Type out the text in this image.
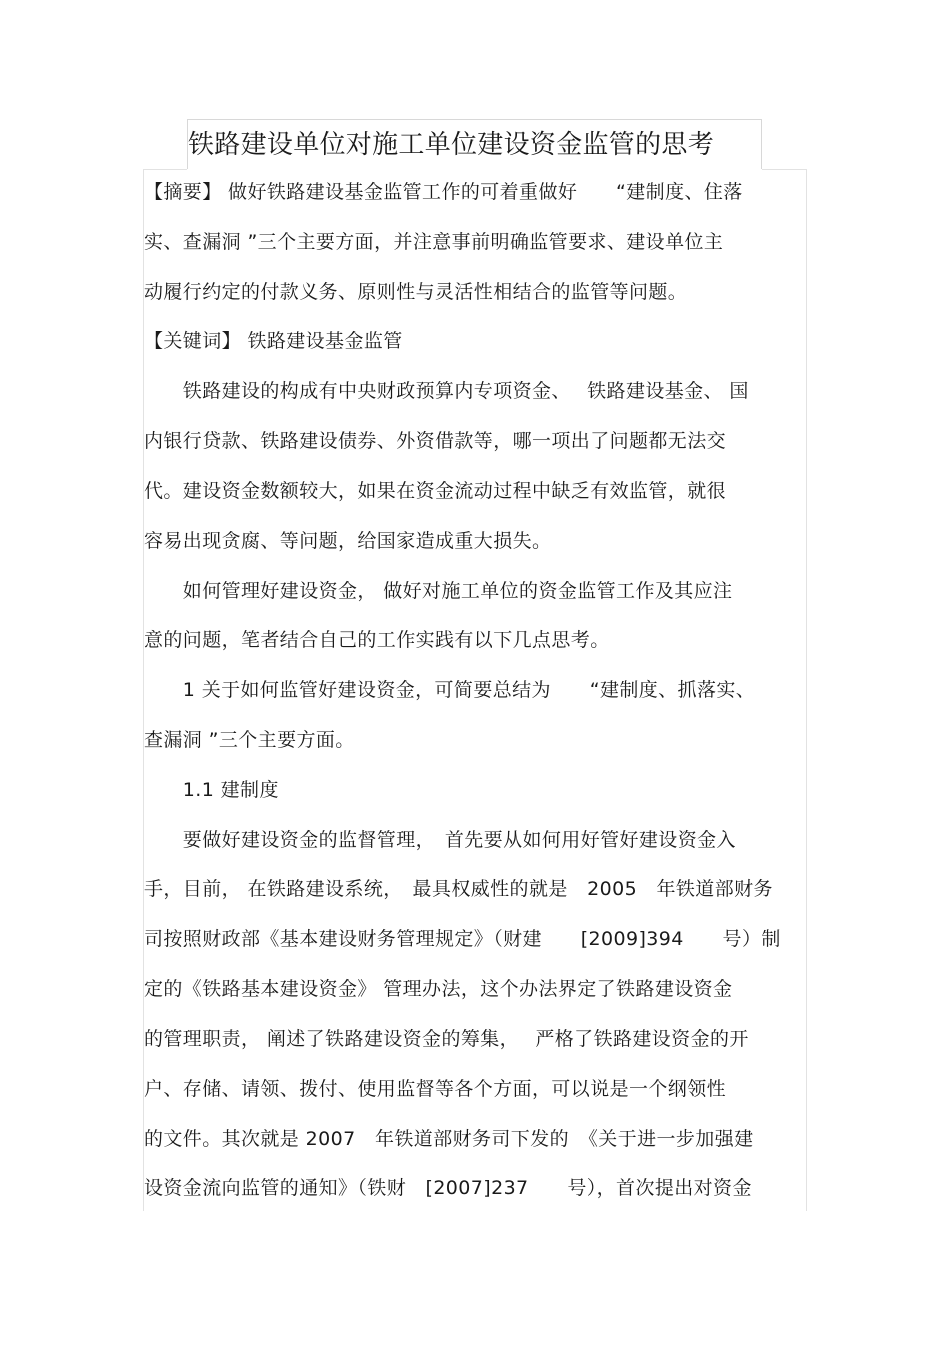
铁路建设单位对施工单位建设资金监管的思考
【摘要】 做好铁路建设基金监管工作的可着重做好　　“建制度、住落
实、查漏洞 ”三个主要方面，并注意事前明确监管要求、建设单位主
动履行约定的付款义务、原则性与灵活性相结合的监管等问题。
【关键词】 铁路建设基金监管
　　铁路建设的构成有中央财政预算内专项资金、　 铁路建设基金、 国
内银行贷款、铁路建设债券、外资借款等，哪一项出了问题都无法交
代。建设资金数额较大，如果在资金流动过程中缺乏有效监管，就很
容易出现贪腐、等问题，给国家造成重大损失。
　　如何管理好建设资金， 做好对施工单位的资金监管工作及其应注
意的问题，笔者结合自己的工作实践有以下几点思考。
　　1 关于如何监管好建设资金，可简要总结为　　“建制度、抓落实、
查漏洞 ”三个主要方面。
　　1.1 建制度
　　要做好建设资金的监督管理，　首先要从如何用好管好建设资金入
手，目前， 在铁路建设系统，　最具权威性的就是　2005　年铁道部财务
司按照财政部《基本建设财务管理规定》（财建　　[2009]394　　号）制
定的《铁路基本建设资金》 管理办法，这个办法界定了铁路建设资金
的管理职责， 阐述了铁路建设资金的筹集，　 严格了铁路建设资金的开
户、存储、请领、拨付、使用监督等各个方面，可以说是一个纲领性
的文件。其次就是 2007　年铁道部财务司下发的　《关于进一步加强建
设资金流向监管的通知》（铁财　[2007]237　　号），首次提出对资金
